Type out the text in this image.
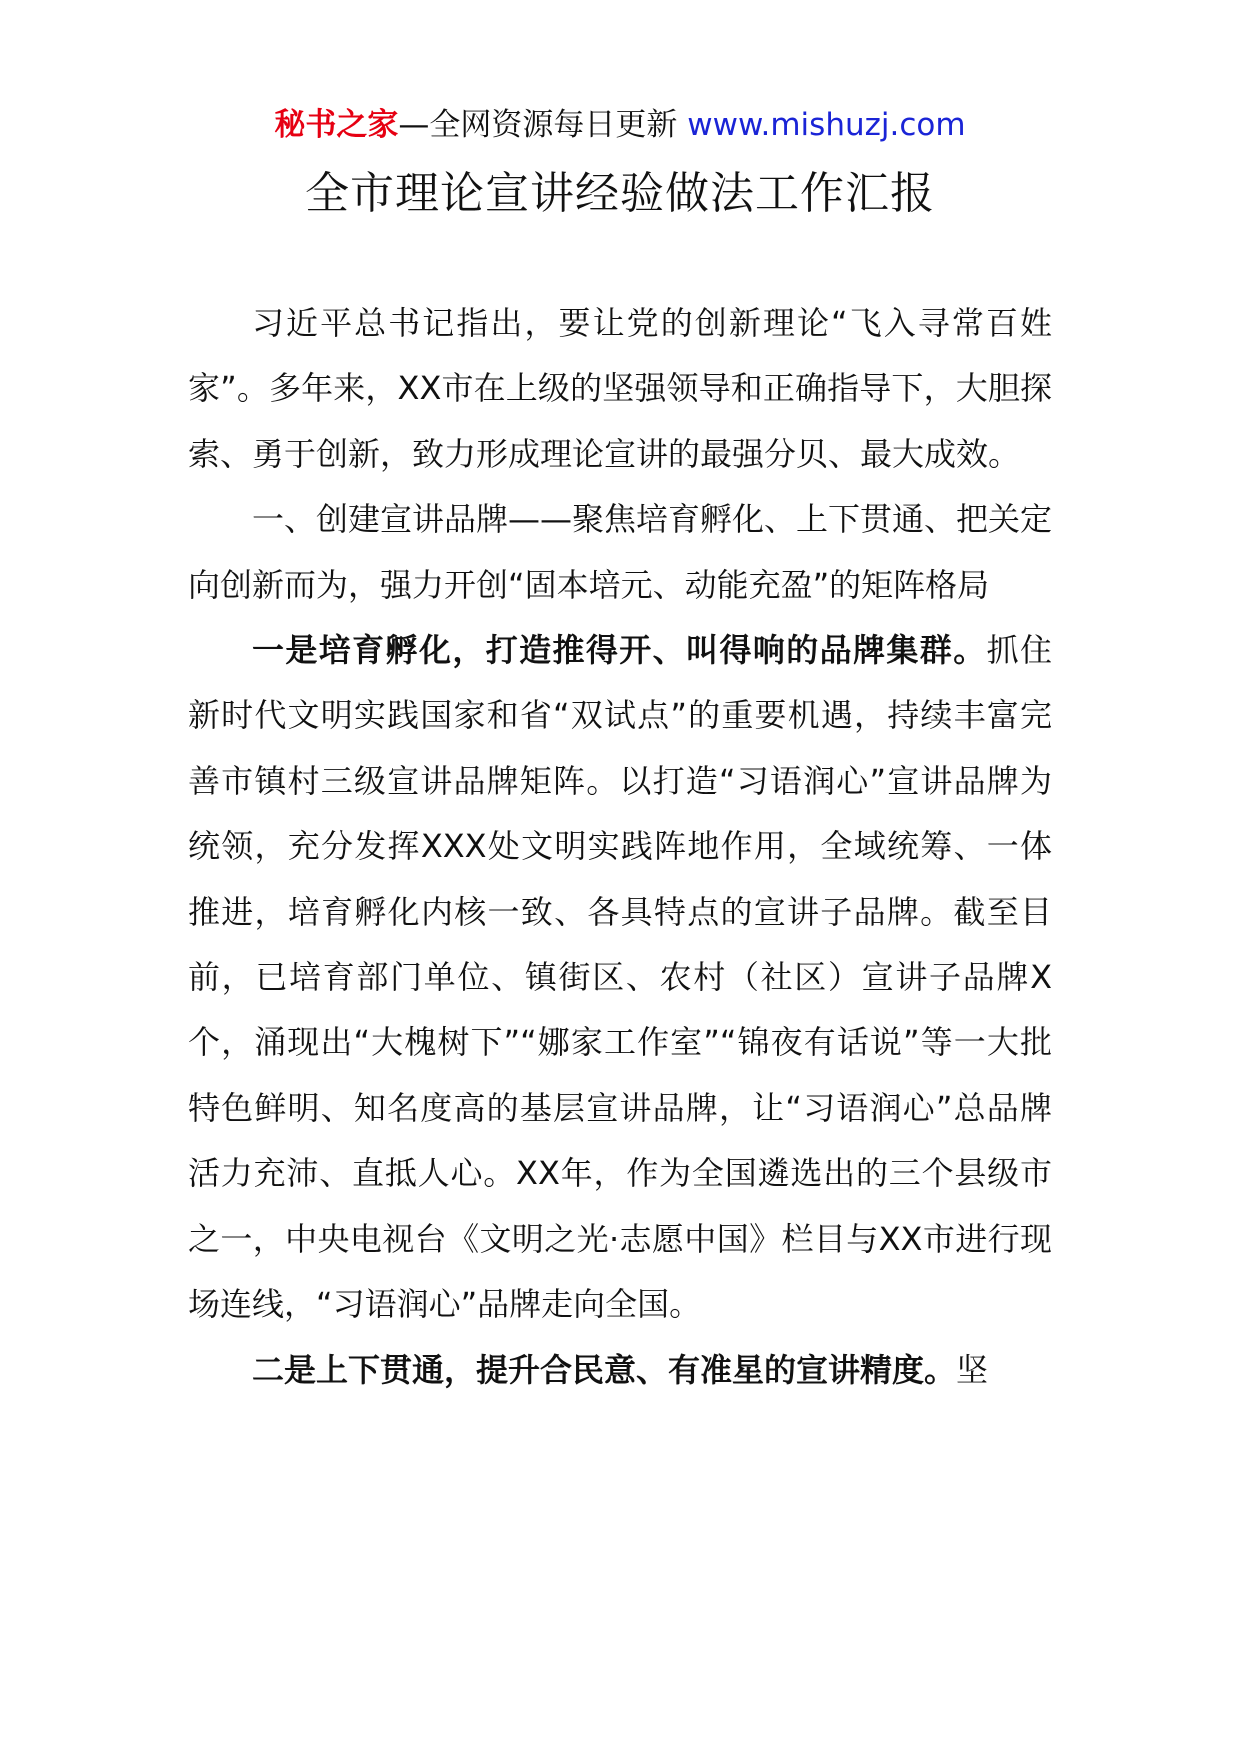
秘书之家—全网资源每日更新 www.mishuzj.com
全市理论宣讲经验做法工作汇报

习近平总书记指出，要让党的创新理论“飞入寻常百姓家”。多年来，XX市在上级的坚强领导和正确指导下，大胆探索、勇于创新，致力形成理论宣讲的最强分贝、最大成效。

一、创建宣讲品牌——聚焦培育孵化、上下贯通、把关定向创新而为，强力开创“固本培元、动能充盈”的矩阵格局

一是培育孵化，打造推得开、叫得响的品牌集群。抓住新时代文明实践国家和省“双试点”的重要机遇，持续丰富完善市镇村三级宣讲品牌矩阵。以打造“习语润心”宣讲品牌为统领，充分发挥XXX处文明实践阵地作用，全域统筹、一体推进，培育孵化内核一致、各具特点的宣讲子品牌。截至目前，已培育部门单位、镇街区、农村（社区）宣讲子品牌X个，涌现出“大槐树下”“娜家工作室”“锦夜有话说”等一大批特色鲜明、知名度高的基层宣讲品牌，让“习语润心”总品牌活力充沛、直抵人心。XX年，作为全国遴选出的三个县级市之一，中央电视台《文明之光·志愿中国》栏目与XX市进行现场连线，“习语润心”品牌走向全国。

二是上下贯通，提升合民意、有准星的宣讲精度。坚
